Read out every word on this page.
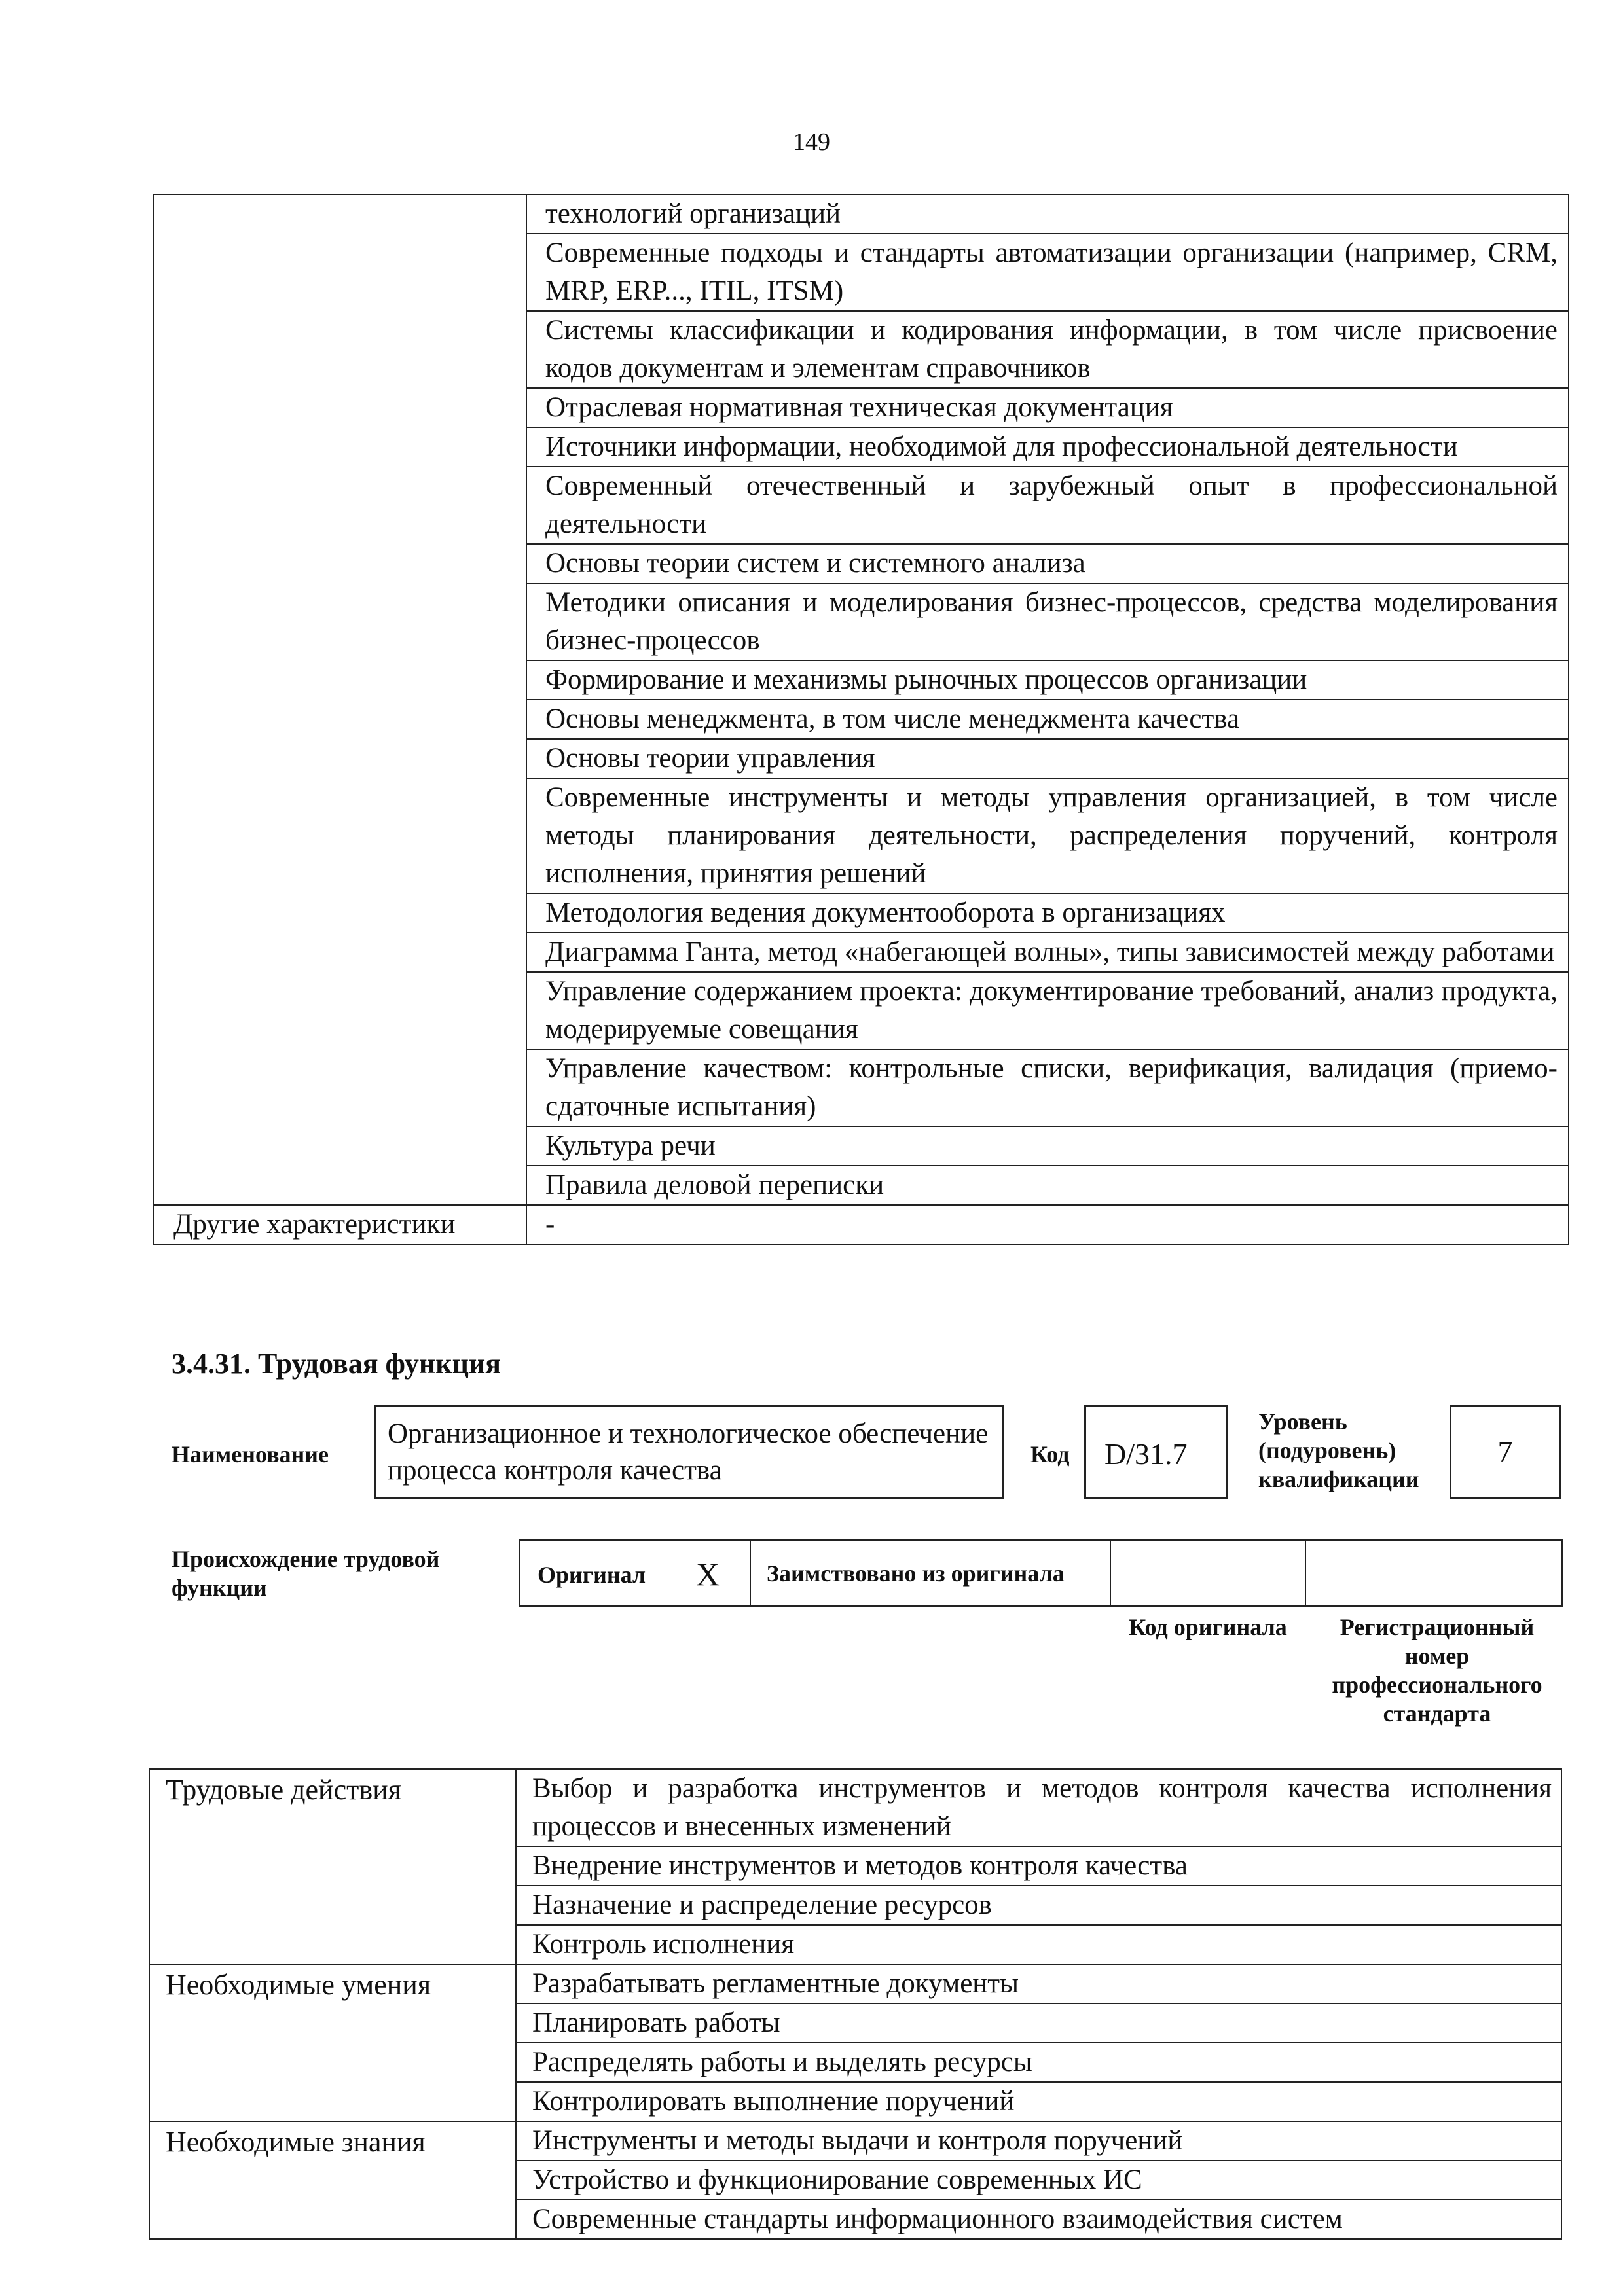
149
	технологий организаций
	Современные подходы и стандарты автоматизации организации (например, CRM, MRP, ERP..., ITIL, ITSM)
	Системы классификации и кодирования информации, в том числе присвоение кодов документам и элементам справочников
	Отраслевая нормативная техническая документация
	Источники информации, необходимой для профессиональной деятельности
	Современный отечественный и зарубежный опыт в профессиональной деятельности
	Основы теории систем и системного анализа
	Методики описания и моделирования бизнес-процессов, средства моделирования бизнес-процессов
	Формирование и механизмы рыночных процессов организации
	Основы менеджмента, в том числе менеджмента качества
	Основы теории управления
	Современные инструменты и методы управления организацией, в том числе методы планирования деятельности, распределения поручений, контроля исполнения, принятия решений
	Методология ведения документооборота в организациях
	Диаграмма Ганта, метод «набегающей волны», типы зависимостей между работами
	Управление содержанием проекта: документирование требований, анализ продукта, модерируемые совещания
	Управление качеством: контрольные списки, верификация, валидация (приемо-сдаточные испытания)
	Культура речи
	Правила деловой переписки
Другие характеристики	-
3.4.31. Трудовая функция
Наименование
Организационное и технологическое обеспечение процесса контроля качества
Код	D/31.7
Уровень (подуровень) квалификации
7
Происхождение трудовой функции	Оригинал X	Заимствовано из оригинала		
Код оригинала	Регистрационный номер профессионального стандарта
Трудовые действия	Выбор и разработка инструментов и методов контроля качества исполнения процессов и внесенных изменений
	Внедрение инструментов и методов контроля качества
	Назначение и распределение ресурсов
	Контроль исполнения
Необходимые умения	Разрабатывать регламентные документы
	Планировать работы
	Распределять работы и выделять ресурсы
	Контролировать выполнение поручений
Необходимые знания	Инструменты и методы выдачи и контроля поручений
	Устройство и функционирование современных ИС
	Современные стандарты информационного взаимодействия систем
